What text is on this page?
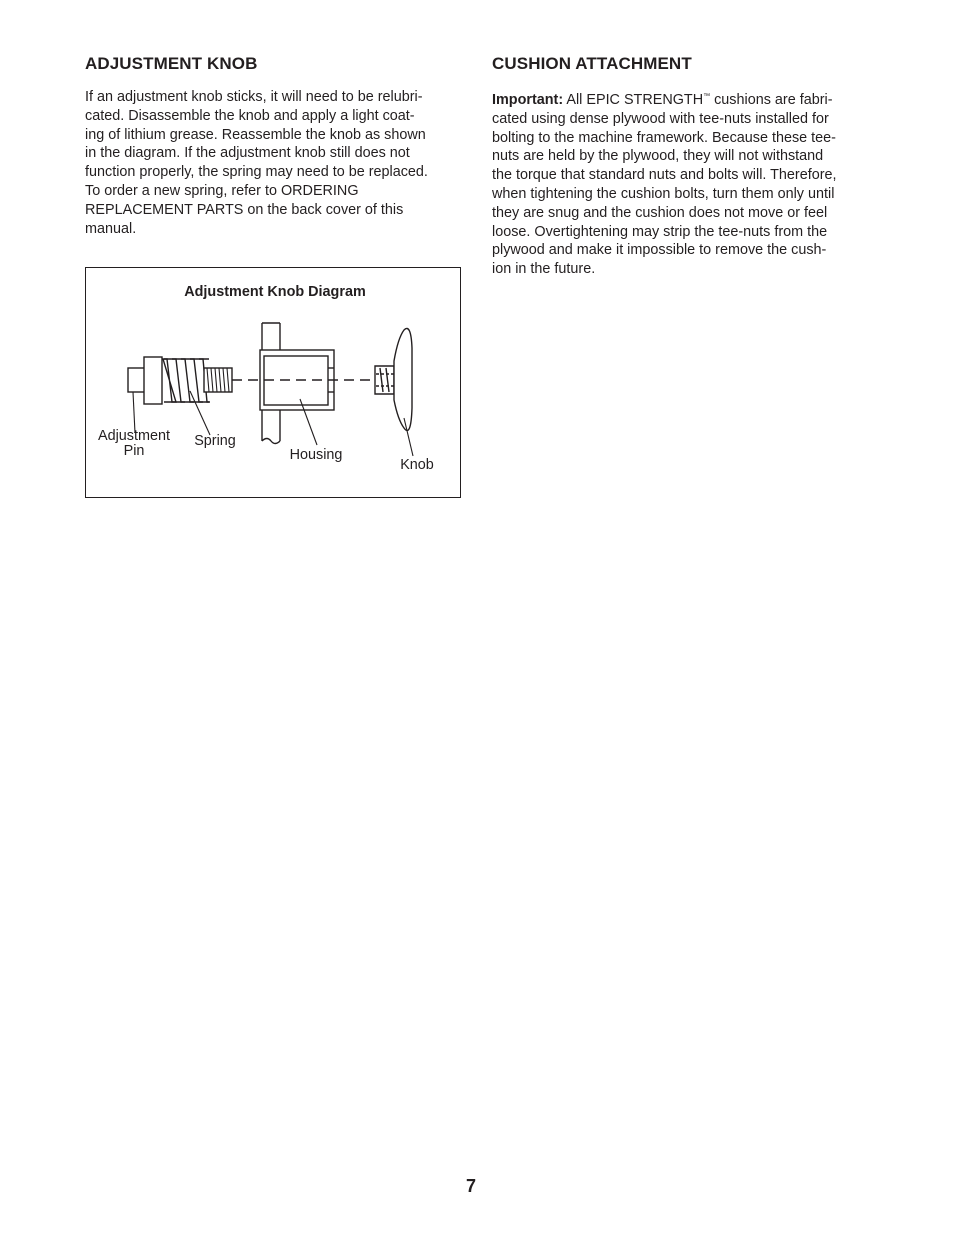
ADJUSTMENT KNOB

If an adjustment knob sticks, it will need to be relubri-
cated. Disassemble the knob and apply a light coat-
ing of lithium grease. Reassemble the knob as shown
in the diagram. If the adjustment knob still does not
function properly, the spring may need to be replaced.
To order a new spring, refer to ORDERING
REPLACEMENT PARTS on the back cover of this
manual.

Adjustment Knob Diagram
Adjustment
Pin
Spring
Housing
Knob
CUSHION ATTACHMENT

Important: All EPIC STRENGTH™ cushions are fabri-
cated using dense plywood with tee-nuts installed for
bolting to the machine framework. Because these tee-
nuts are held by the plywood, they will not withstand
the torque that standard nuts and bolts will. Therefore,
when tightening the cushion bolts, turn them only until
they are snug and the cushion does not move or feel
loose. Overtightening may strip the tee-nuts from the
plywood and make it impossible to remove the cush-
ion in the future.

7
